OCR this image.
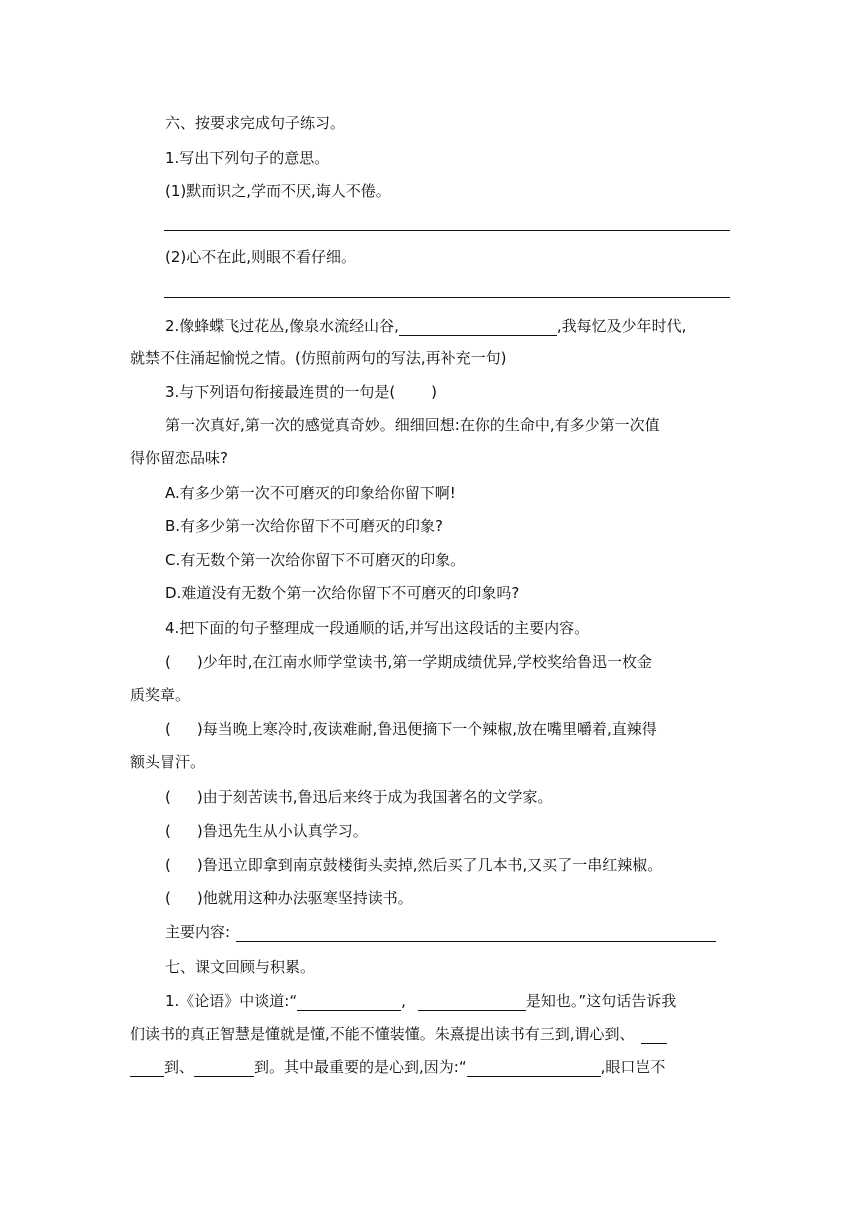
六、按要求完成句子练习。
1.写出下列句子的意思。
(1)默而识之,学而不厌,诲人不倦。
(2)心不在此,则眼不看仔细。
2.像蜂蝶飞过花丛,像泉水流经山谷,	,我每忆及少年时代,
就禁不住涌起愉悦之情。(仿照前两句的写法,再补充一句)
3.与下列语句衔接最连贯的一句是( )
第一次真好,第一次的感觉真奇妙。细细回想:在你的生命中,有多少第一次值
得你留恋品味?
A.有多少第一次不可磨灭的印象给你留下啊!
B.有多少第一次给你留下不可磨灭的印象?
C.有无数个第一次给你留下不可磨灭的印象。
D.难道没有无数个第一次给你留下不可磨灭的印象吗?
4.把下面的句子整理成一段通顺的话,并写出这段话的主要内容。
( )少年时,在江南水师学堂读书,第一学期成绩优异,学校奖给鲁迅一枚金
质奖章。
( )每当晚上寒冷时,夜读难耐,鲁迅便摘下一个辣椒,放在嘴里嚼着,直辣得
额头冒汗。
( )由于刻苦读书,鲁迅后来终于成为我国著名的文学家。
( )鲁迅先生从小认真学习。
( )鲁迅立即拿到南京鼓楼街头卖掉,然后买了几本书,又买了一串红辣椒。
( )他就用这种办法驱寒坚持读书。
主要内容:
七、课文回顾与积累。
1.《论语》中谈道:“	,	是知也。”这句话告诉我
们读书的真正智慧是懂就是懂,不能不懂装懂。朱熹提出读书有三到,谓心到、
到、	到。其中最重要的是心到,因为:“	,眼口岂不
